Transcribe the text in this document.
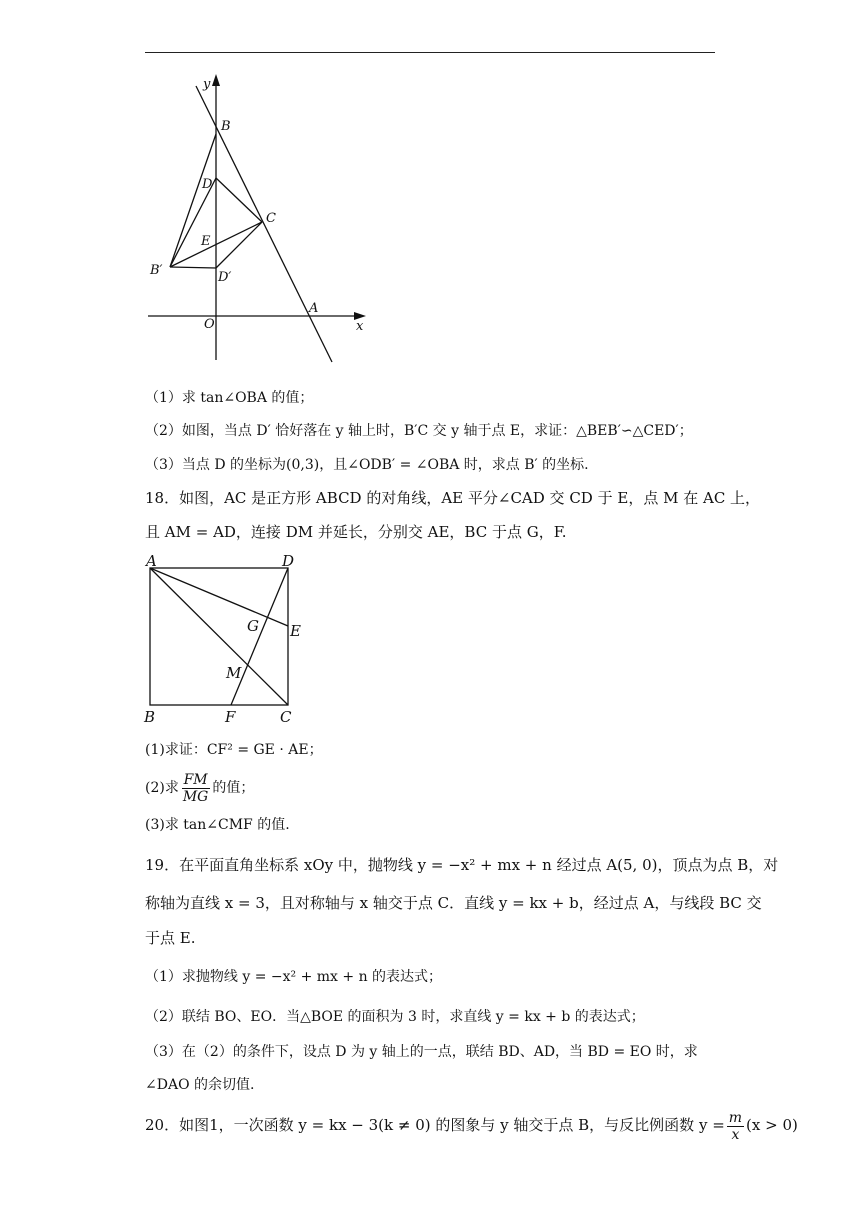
y
x
O
A
B
C
D
E
B′	D′
（1）求 tan∠OBA 的值；
（2）如图，当点 D′ 恰好落在 y 轴上时，B′C 交 y 轴于点 E，求证：△BEB′∽△CED′；
（3）当点 D 的坐标为(0,3)，且∠ODB′ = ∠OBA 时，求点 B′ 的坐标.
18．如图，AC 是正方形 ABCD 的对角线，AE 平分∠CAD 交 CD 于 E，点 M 在 AC 上，
且 AM = AD，连接 DM 并延长，分别交 AE，BC 于点 G，F.
A	D
B	C
E
G
M
F
(1)求证：CF² = GE · AE；
(2)求 $\frac{FM}{MG}$ 的值；
(3)求 tan∠CMF 的值.
19．在平面直角坐标系 xOy 中，抛物线 y = −x² + mx + n 经过点 A(5, 0)，顶点为点 B，对
称轴为直线 x = 3，且对称轴与 x 轴交于点 C．直线 y = kx + b，经过点 A，与线段 BC 交
于点 E.
（1）求抛物线 y = −x² + mx + n 的表达式；
（2）联结 BO、EO．当△BOE 的面积为 3 时，求直线 y = kx + b 的表达式；
（3）在（2）的条件下，设点 D 为 y 轴上的一点，联结 BD、AD，当 BD = EO 时，求
∠DAO 的余切值.
20．如图1，一次函数 y = kx − 3(k ≠ 0) 的图象与 y 轴交于点 B，与反比例函数 $y = \frac{m}{x} (x > 0)$
